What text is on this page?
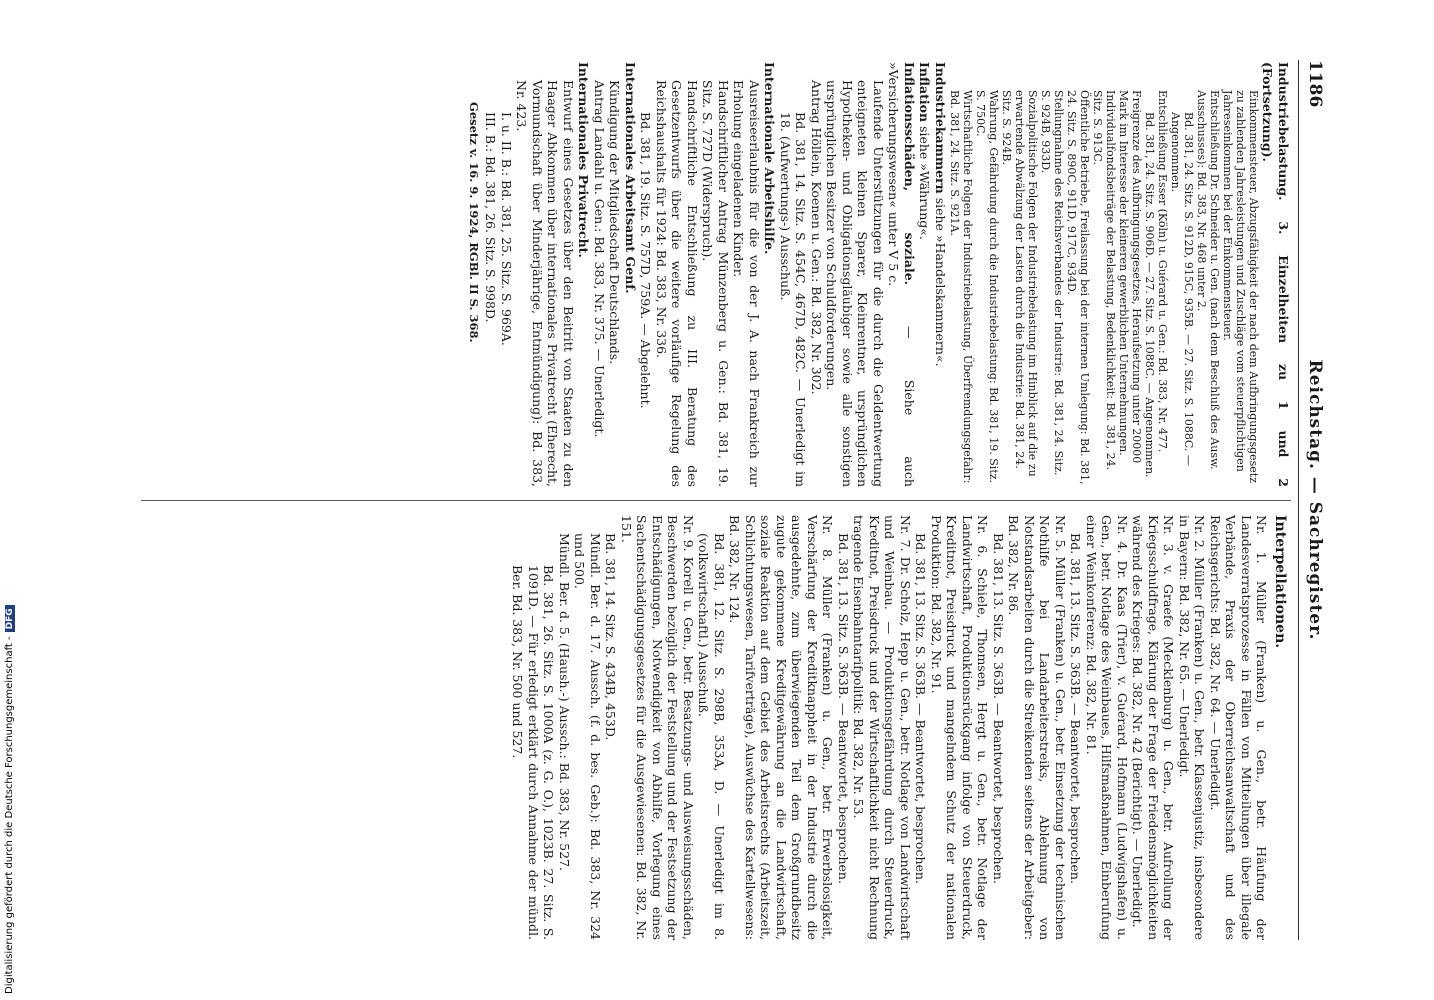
1186
Reichstag. — Sachregister.

Industriebelastung. 3. Einzelheiten zu 1 und 2 (Fortsetzung).

Einkommensteuer, Abzugsfähigkeit der nach dem Aufbringungsgesetz zu zahlenden Jahresleistungen und Zuschläge vom steuerpflichtigen Jahreseinkommen bei der Einkommensteuer.

Entschließung Dr. Schneider u. Gen. (nach dem Beschluß des Ausw. Ausschusses): Bd. 383, Nr. 468 unter 2.

Bd. 381, 24. Sitz. S. 912D, 915C, 935B. — 27. Sitz. S. 1088C. — Angenommen.

Entschließung Esser (Köln) u. Guérard u. Gen.: Bd. 383, Nr. 477.

Bd. 381, 24. Sitz. S. 906D. — 27. Sitz. S. 1088C. — Angenommen.

Freigrenze des Aufbringungsgesetzes, Heraufsetzung unter 20000 Mark im Interesse der kleineren gewerblichen Unternehmungen.

Individualfondsbeiträge der Belastung, Bedenklichkeit: Bd. 381, 24. Sitz. S. 913C.

Öffentliche Betriebe, Freilassung bei der internen Umlegung: Bd. 381, 24. Sitz. S. 890C, 911D, 917C, 934D.

Stellungnahme des Reichsverbandes der Industrie: Bd. 381, 24. Sitz. S. 924B, 933D.

Sozialpolitische Folgen der Industriebelastung im Hinblick auf die zu erwartende Abwälzung der Lasten durch die Industrie: Bd. 381, 24. Sitz. S. 924B.

Wahrung, Gefährdung durch die Industriebelastung: Bd. 381, 19. Sitz. S. 750C.

Wirtschaftliche Folgen der Industriebelastung, Überfremdungsgefahr: Bd. 381, 24. Sitz. S. 921A.

Industriekammern siehe »Handelskammern«.

Inflation siehe »Währung«.

Inflationsschäden, soziale. — Siehe auch »Versicherungswesen« unter V 5 c.

Laufende Unterstützungen für die durch die Geldentwertung enteigneten kleinen Sparer, Kleinrentner, ursprünglichen Hypotheken- und Obligationsgläubiger sowie alle sonstigen ursprünglichen Besitzer von Schuldforderungen.

Antrag Höllein, Koenen u. Gen.: Bd. 382, Nr. 302.

Bd. 381, 14. Sitz. S. 454C, 467D, 482C. — Unerledigt im 18. (Aufwertungs-) Ausschuß.

Internationale Arbeitshilfe.

Ausreiseerlaubnis für die von der J. A. nach Frankreich zur Erholung eingeladenen Kinder.

Handschriftlicher Antrag Münzenberg u. Gen.: Bd. 381, 19. Sitz. S. 727D (Widerspruch).

Handschriftliche Entschließung zu III. Beratung des Gesetzentwurfs über die weitere vorläufige Regelung des Reichshaushalts für 1924: Bd. 383, Nr. 336.

Bd. 381, 19. Sitz. S. 757D, 759A. — Abgelehnt.

Internationales Arbeitsamt Genf.

Kündigung der Mitgliedschaft Deutschlands.

Antrag Landahl u. Gen.: Bd. 383, Nr. 375. — Unerledigt.

Internationales Privatrecht.

Entwurf eines Gesetzes über den Beitritt von Staaten zu den Haager Abkommen über internationales Privatrecht (Eherecht, Vormundschaft über Minderjährige, Entmündigung): Bd. 383, Nr. 423.

I. u. II. B.: Bd. 381, 25. Sitz. S. 969A.

III. B.: Bd. 381, 26. Sitz. S. 998D.

Gesetz v. 16. 9. 1924, RGBl. II S. 368.

Interpellationen.

Nr. 1. Müller (Franken) u. Gen., betr. Häufung der Landesverratsprozesse in Fällen von Mitteilungen über illegale Verbände, Praxis der Oberreichsanwaltschaft und des Reichsgerichts: Bd. 382, Nr. 64. — Unerledigt.

Nr. 2. Müller (Franken) u. Gen., betr. Klassenjustiz, insbesondere in Bayern: Bd. 382, Nr. 65. — Unerledigt.

Nr. 3. v. Graefe (Mecklenburg) u. Gen., betr. Aufrollung der Kriegsschuldfrage, Klärung der Frage der Friedensmöglichkeiten während des Krieges: Bd. 382, Nr. 42 (Berichtigt). — Unerledigt.

Nr. 4. Dr. Kaas (Trier), v. Guérard, Hofmann (Ludwigshafen) u. Gen., betr. Notlage des Weinbaues, Hilfsmaßnahmen, Einberufung einer Weinkonferenz: Bd. 382, Nr. 81.

Bd. 381, 13. Sitz. S. 363B. — Beantwortet, besprochen.

Nr. 5. Müller (Franken) u. Gen., betr. Einsetzung der technischen Nothilfe bei Landarbeiterstreiks, Ablehnung von Notstandsarbeiten durch die Streikenden seitens der Arbeitgeber: Bd. 382, Nr. 86.

Bd. 381, 13. Sitz. S. 363B. — Beantwortet, besprochen.

Nr. 6. Schiele, Thomsen, Hergt u. Gen., betr. Notlage der Landwirtschaft, Produktionsrückgang infolge von Steuerdruck, Kreditnot, Preisdruck und mangelndem Schutz der nationalen Produktion: Bd. 382, Nr. 91.

Bd. 381, 13. Sitz. S. 363B. — Beantwortet, besprochen.

Nr. 7. Dr. Scholz, Hepp u. Gen., betr. Notlage von Landwirtschaft und Weinbau. — Produktionsgefährdung durch Steuerdruck, Kreditnot, Preisdruck und der Wirtschaftlichkeit nicht Rechnung tragende Eisenbahntarifpolitik: Bd. 382, Nr. 53.

Bd. 381, 13. Sitz. S. 363B. — Beantwortet, besprochen.

Nr. 8. Müller (Franken) u. Gen., betr. Erwerbslosigkeit, Verschärfung der Kreditknappheit in der Industrie durch die ausgedehnte, zum überwiegenden Teil dem Großgrundbesitz zugute gekommene Kreditgewährung an die Landwirtschaft, soziale Reaktion auf dem Gebiet des Arbeitsrechts (Arbeitszeit, Schlichtungswesen, Tarifverträge), Auswüchse des Kartellwesens: Bd. 382, Nr. 124.

Bd. 381, 12. Sitz. S. 298B, 353A, D. — Unerledigt im 8. (volkswirtschaftl.) Ausschuß.

Nr. 9. Korell u. Gen., betr. Besatzungs- und Ausweisungsschäden, Beschwerden bezüglich der Feststellung und der Festsetzung der Entschädigungen, Notwendigkeit von Abhilfe, Vorlegung eines Sachentschädigungsgesetzes für die Ausgewiesenen: Bd. 382, Nr. 151.

Bd. 381, 14. Sitz. S. 434B, 453D.

Mündl. Ber. d. 17. Aussch. (f. d. bes. Geb.): Bd. 383, Nr. 324 und 500.

Mündl. Ber. d. 5. (Haush.-) Aussch.: Bd. 383, Nr. 527.

Bd. 381, 26. Sitz. S. 1000A (z. G. O.), 1023B. 27. Sitz. S. 1091D. — Für erledigt erklärt durch Annahme der mündl. Ber. Bd. 383, Nr. 500 und 527.

Digitalisierung gefördert durch die Deutsche Forschungsgemeinschaft -DFG
